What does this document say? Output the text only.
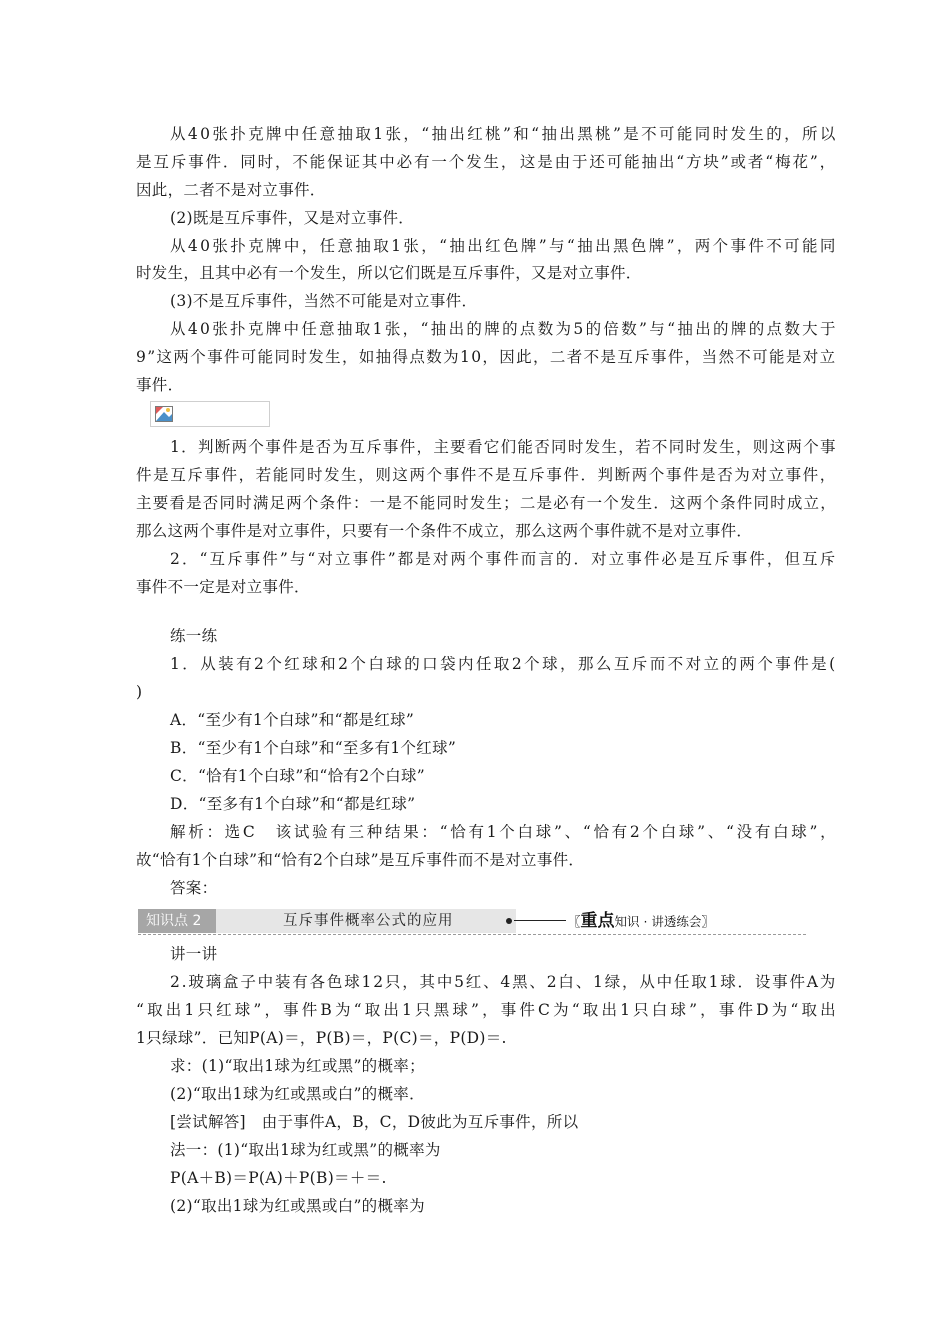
从 4 0 张 扑 克 牌 中 任 意 抽 取 1 张 ， “ 抽 出 红 桃 ” 和 “ 抽 出 黑 桃 ” 是 不 可 能 同 时 发 生 的 ， 所 以
是 互 斥 事 件 ． 同 时 ， 不 能 保 证 其 中 必 有 一 个 发 生 ， 这 是 由 于 还 可 能 抽 出 “ 方 块 ” 或 者 “ 梅 花 ” ，
因此，二者不是对立事件．
(2)既是互斥事件，又是对立事件．
从 4 0 张 扑 克 牌 中 ， 任 意 抽 取 1 张 ， “ 抽 出 红 色 牌 ” 与 “ 抽 出 黑 色 牌 ” ， 两 个 事 件 不 可 能 同
时发生，且其中必有一个发生，所以它们既是互斥事件，又是对立事件．
(3)不是互斥事件，当然不可能是对立事件．
从 4 0 张 扑 克 牌 中 任 意 抽 取 1 张 ， “ 抽 出 的 牌 的 点 数 为 5 的 倍 数 ” 与 “ 抽 出 的 牌 的 点 数 大 于
9 ” 这 两 个 事 件 可 能 同 时 发 生 ， 如 抽 得 点 数 为 1 0 ， 因 此 ， 二 者 不 是 互 斥 事 件 ， 当 然 不 可 能 是 对 立
事件．
1 ． 判 断 两 个 事 件 是 否 为 互 斥 事 件 ， 主 要 看 它 们 能 否 同 时 发 生 ， 若 不 同 时 发 生 ， 则 这 两 个 事
件 是 互 斥 事 件 ， 若 能 同 时 发 生 ， 则 这 两 个 事 件 不 是 互 斥 事 件 ． 判 断 两 个 事 件 是 否 为 对 立 事 件 ，
主 要 看 是 否 同 时 满 足 两 个 条 件 ： 一 是 不 能 同 时 发 生 ； 二 是 必 有 一 个 发 生 ． 这 两 个 条 件 同 时 成 立 ，
那么这两个事件是对立事件，只要有一个条件不成立，那么这两个事件就不是对立事件．
2 ． “ 互 斥 事 件 ” 与 “ 对 立 事 件 ” 都 是 对 两 个 事 件 而 言 的 ． 对 立 事 件 必 是 互 斥 事 件 ， 但 互 斥
事件不一定是对立事件．
练一练
1 ． 从 装 有 2 个 红 球 和 2 个 白 球 的 口 袋 内 任 取 2 个 球 ， 那 么 互 斥 而 不 对 立 的 两 个 事 件 是 (
)
A．“至少有1个白球”和“都是红球”
B．“至少有1个白球”和“至多有1个红球”
C．“恰有1个白球”和“恰有2个白球”
D．“至多有1个白球”和“都是红球”
解 析 ： 选 C
　 该 试 验 有 三 种 结 果 ： “ 恰 有 1 个 白 球 ” 、 “ 恰 有 2 个 白 球 ” 、 “ 没 有 白 球 ” ，
故“恰有1个白球”和“恰有2个白球”是互斥事件而不是对立事件．
答案：
知识点 2	互斥事件概率公式的应用	〖重点知识 · 讲透练会〗
讲一讲
2 . 玻 璃 盒 子 中 装 有 各 色 球 1 2 只 ， 其 中 5 红 、 4 黑 、 2 白 、 1 绿 ， 从 中 任 取 1 球 ． 设 事 件 A 为
“ 取 出 1 只 红 球 ” ， 事 件 B 为 “ 取 出 1 只 黑 球 ” ， 事 件 C 为 “ 取 出 1 只 白 球 ” ， 事 件 D 为 “ 取 出
1只绿球”．已知P(A)＝，P(B)＝，P(C)＝，P(D)＝.
求：(1)“取出1球为红或黑”的概率；
(2)“取出1球为红或黑或白”的概率．
[尝试解答]　由于事件A，B，C，D彼此为互斥事件，所以
法一：(1)“取出1球为红或黑”的概率为
P(A＋B)＝P(A)＋P(B)＝＋＝.
(2)“取出1球为红或黑或白”的概率为
